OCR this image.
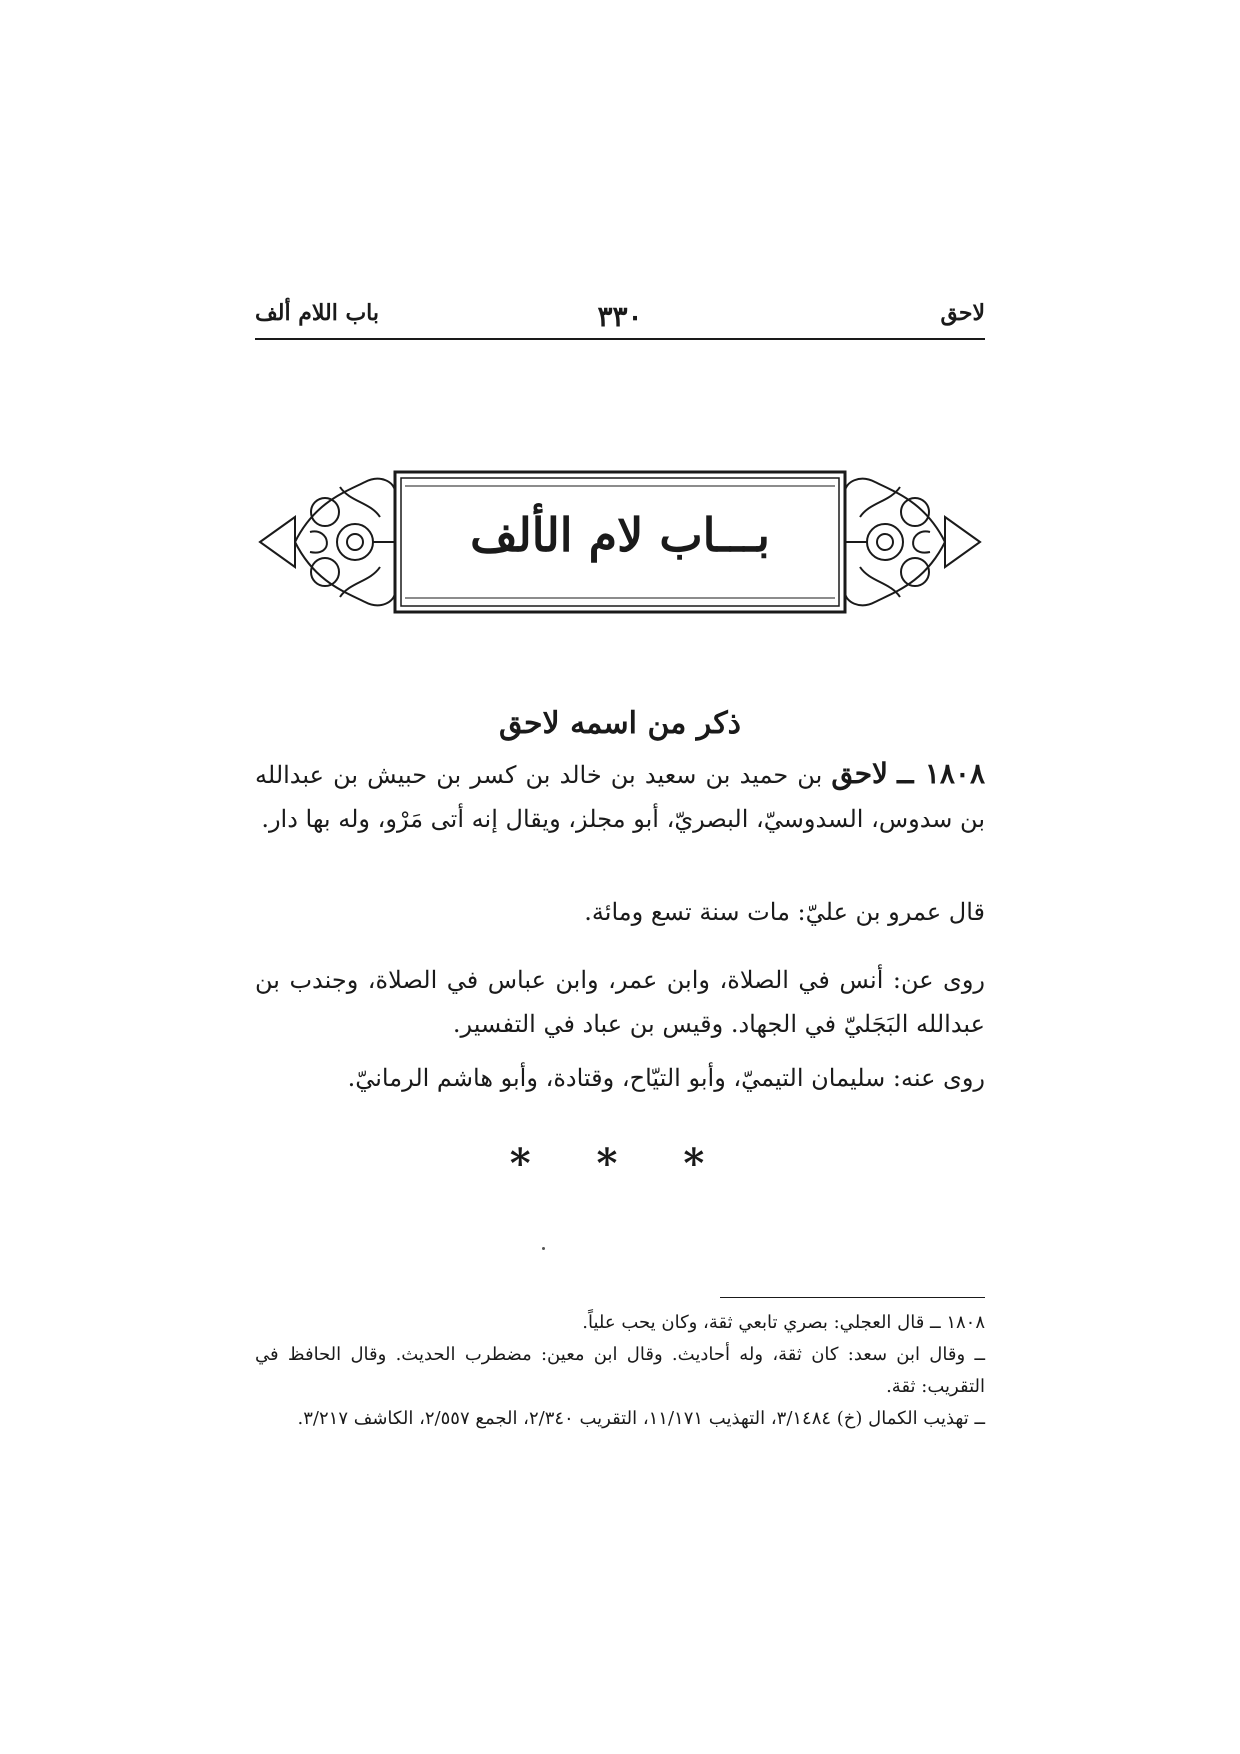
لاحق
٣٣٠
باب اللام ألف
بـــاب لام الألف
ذكر من اسمه لاحق
١٨٠٨ ــ لاحق بن حميد بن سعيد بن خالد بن كسر بن حبيش بن عبدالله بن سدوس، السدوسيّ، البصريّ، أبو مجلز، ويقال إنه أتى مَرْو، وله بها دار.
قال عمرو بن عليّ: مات سنة تسع ومائة.
روى عن: أنس في الصلاة، وابن عمر، وابن عباس في الصلاة، وجندب بن عبدالله البَجَليّ في الجهاد. وقيس بن عباد في التفسير.
روى عنه: سليمان التيميّ، وأبو التيّاح، وقتادة، وأبو هاشم الرمانيّ.
* * *

١٨٠٨ ــ قال العجلي: بصري تابعي ثقة، وكان يحب علياً.

ــ وقال ابن سعد: كان ثقة، وله أحاديث. وقال ابن معين: مضطرب الحديث. وقال الحافظ في التقريب: ثقة.

ــ تهذيب الكمال (خ) ٣/١٤٨٤، التهذيب ١١/١٧١، التقريب ٢/٣٤٠، الجمع ٢/٥٥٧، الكاشف ٣/٢١٧.
